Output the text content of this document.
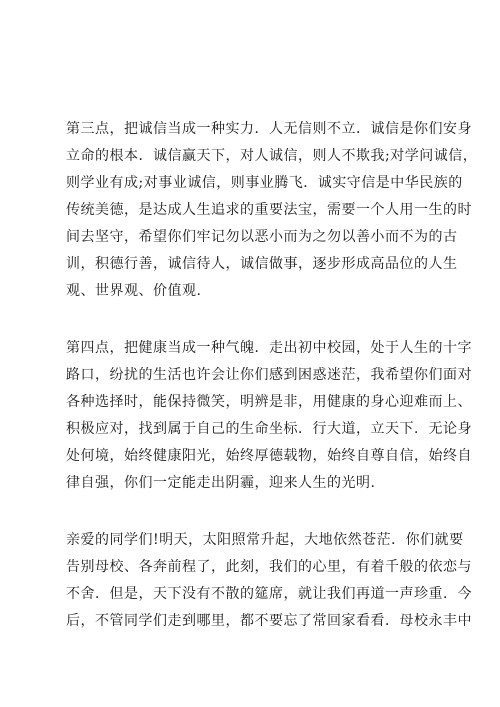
第三点，把诚信当成一种实力．人无信则不立．诚信是你们安身
立命的根本．诚信赢天下，对人诚信，则人不欺我;对学问诚信，
则学业有成;对事业诚信，则事业腾飞．诚实守信是中华民族的
传统美德，是达成人生追求的重要法宝，需要一个人用一生的时
间去坚守，希望你们牢记勿以恶小而为之勿以善小而不为的古
训，积德行善，诚信待人，诚信做事，逐步形成高品位的人生
观、世界观、价值观.
第四点，把健康当成一种气魄．走出初中校园，处于人生的十字
路口，纷扰的生活也许会让你们感到困惑迷茫，我希望你们面对
各种选择时，能保持微笑，明辨是非，用健康的身心迎难而上、
积极应对，找到属于自己的生命坐标．行大道，立天下．无论身
处何境，始终健康阳光，始终厚德载物，始终自尊自信，始终自
律自强，你们一定能走出阴霾，迎来人生的光明.
亲爱的同学们!明天，太阳照常升起，大地依然苍茫．你们就要
告别母校、各奔前程了，此刻，我们的心里，有着千般的依恋与
不舍．但是，天下没有不散的筵席，就让我们再道一声珍重．今
后，不管同学们走到哪里，都不要忘了常回家看看．母校永丰中
